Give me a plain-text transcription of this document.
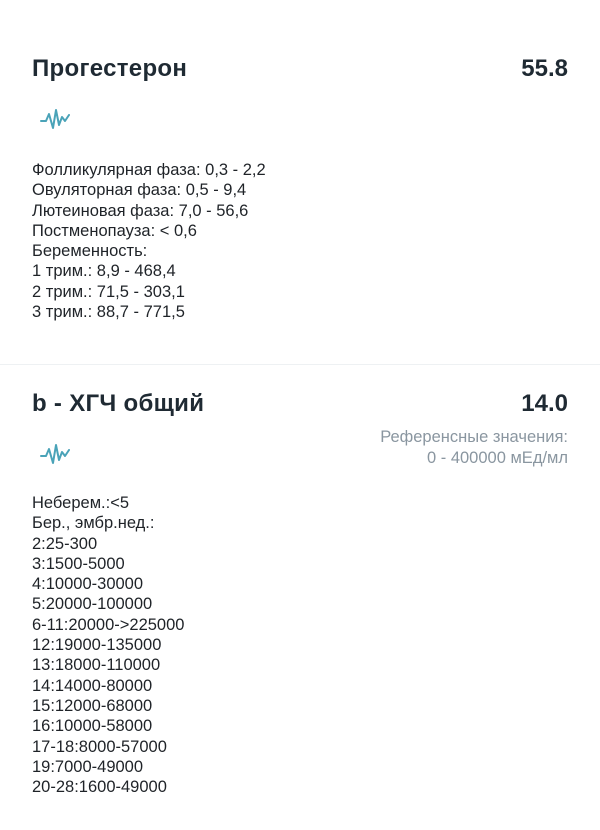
Прогестерон	55.8
Фолликулярная фаза: 0,3 - 2,2
Овуляторная фаза: 0,5 - 9,4
Лютеиновая фаза: 7,0 - 56,6
Постменопауза: < 0,6
Беременность:
1 трим.: 8,9 - 468,4
2 трим.: 71,5 - 303,1
3 трим.: 88,7 - 771,5
b - ХГЧ общий	14.0
Референсные значения:
0 - 400000 мЕд/мл
Неберем.:<5
Бер., эмбр.нед.:
2:25-300
3:1500-5000
4:10000-30000
5:20000-100000
6-11:20000->225000
12:19000-135000
13:18000-110000
14:14000-80000
15:12000-68000
16:10000-58000
17-18:8000-57000
19:7000-49000
20-28:1600-49000
